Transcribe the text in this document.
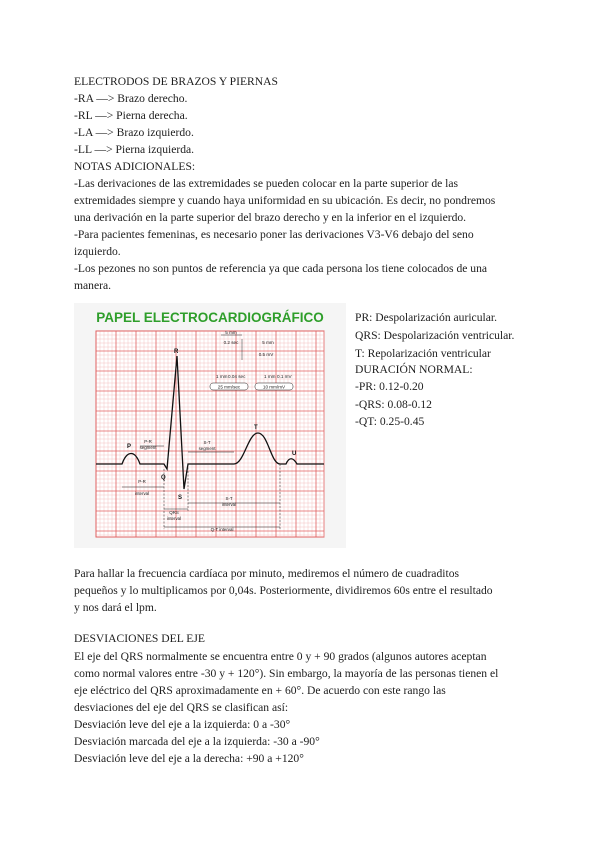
ELECTRODOS DE BRAZOS Y PIERNAS
-RA —> Brazo derecho.
-RL —> Pierna derecha.
-LA —> Brazo izquierdo.
-LL —> Pierna izquierda.
NOTAS ADICIONALES:
-Las derivaciones de las extremidades se pueden colocar en la parte superior de las
extremidades siempre y cuando haya uniformidad en su ubicación. Es decir, no pondremos
una derivación en la parte superior del brazo derecho y en la inferior en el izquierdo.
-Para pacientes femeninas, es necesario poner las derivaciones V3-V6 debajo del seno
izquierdo.
-Los pezones no son puntos de referencia ya que cada persona los tiene colocados de una
manera.
PAPEL ELECTROCARDIOGRÁFICO
5 mm
0.2 sec	5 mm
0.5 mV
1 mm 0.04 sec	1 mm 0.1 mV
25 mm/sec	10 mm/mV
R
P
Q
S
T
U
P-R
segment
S-T
segment
P-R
interval
QRS
interval
S-T
interval
Q-T interval
PR: Despolarización auricular.
QRS: Despolarización ventricular.
T: Repolarización ventricular
DURACIÓN NORMAL:
-PR: 0.12-0.20
-QRS: 0.08-0.12
-QT: 0.25-0.45
Para hallar la frecuencia cardíaca por minuto, mediremos el número de cuadraditos
pequeños y lo multiplicamos por 0,04s. Posteriormente, dividiremos 60s entre el resultado
y nos dará el lpm.
DESVIACIONES DEL EJE
El eje del QRS normalmente se encuentra entre 0 y + 90 grados (algunos autores aceptan
como normal valores entre -30 y + 120°). Sin embargo, la mayoría de las personas tienen el
eje eléctrico del QRS aproximadamente en + 60°. De acuerdo con este rango las
desviaciones del eje del QRS se clasifican así:
Desviación leve del eje a la izquierda: 0 a -30°
Desviación marcada del eje a la izquierda: -30 a -90°
Desviación leve del eje a la derecha: +90 a +120°
